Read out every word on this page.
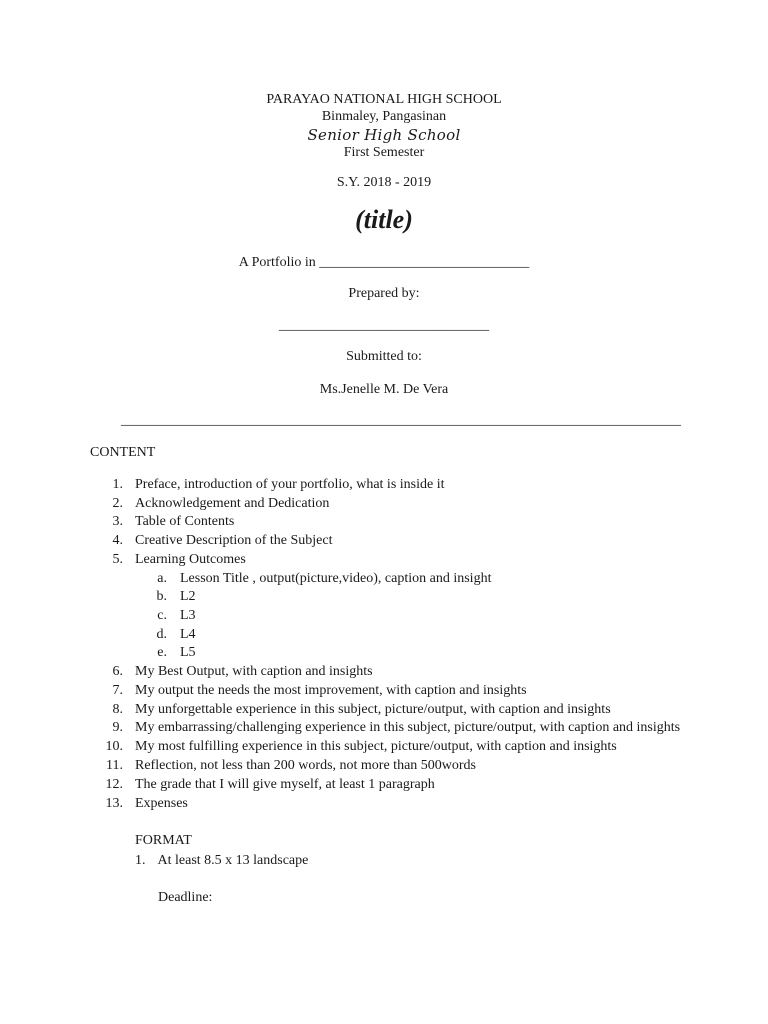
PARAYAO NATIONAL HIGH SCHOOL
Binmaley, Pangasinan
Senior High School
First Semester
S.Y. 2018 - 2019
(title)
A Portfolio in ______________________________
Prepared by:
______________________________
Submitted to:
Ms.Jenelle M. De Vera
________________________________________________________________________________
CONTENT
1. Preface, introduction of your portfolio, what is inside it
2. Acknowledgement and Dedication
3. Table of Contents
4. Creative Description of the Subject
5. Learning Outcomes
a. Lesson Title , output(picture,video), caption and insight
b. L2
c. L3
d. L4
e. L5
6. My Best Output, with caption and insights
7. My output the needs the most improvement, with caption and insights
8. My unforgettable experience in this subject, picture/output, with caption and insights
9. My embarrassing/challenging experience in this subject, picture/output, with caption and insights
10. My most fulfilling experience in this subject, picture/output, with caption and insights
11. Reflection, not less than 200 words, not more than 500words
12. The grade that I will give myself, at least 1 paragraph
13. Expenses
FORMAT
1. At least 8.5 x 13 landscape
Deadline:
